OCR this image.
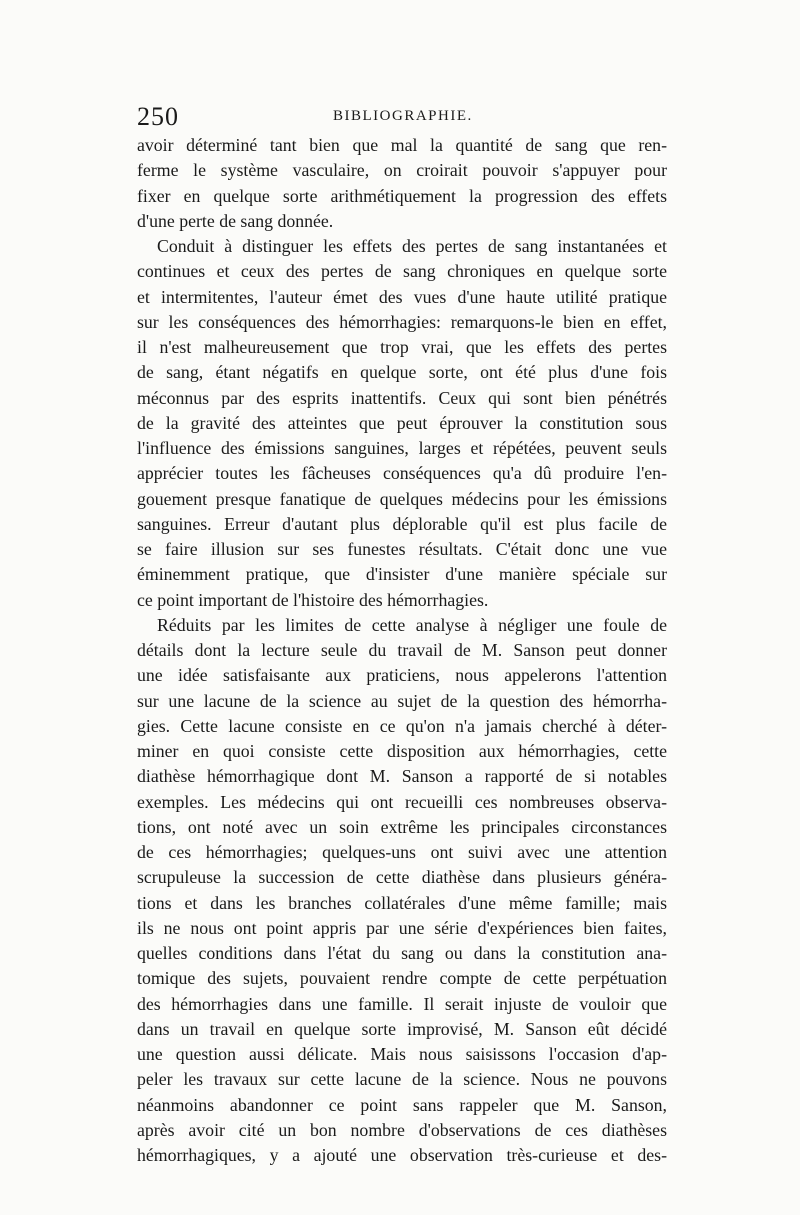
250	BIBLIOGRAPHIE.
avoir déterminé tant bien que mal la quantité de sang que ren-
ferme le système vasculaire, on croirait pouvoir s'appuyer pour
fixer en quelque sorte arithmétiquement la progression des effets
d'une perte de sang donnée.
Conduit à distinguer les effets des pertes de sang instantanées et
continues et ceux des pertes de sang chroniques en quelque sorte
et intermitentes, l'auteur émet des vues d'une haute utilité pratique
sur les conséquences des hémorrhagies: remarquons-le bien en effet,
il n'est malheureusement que trop vrai, que les effets des pertes
de sang, étant négatifs en quelque sorte, ont été plus d'une fois
méconnus par des esprits inattentifs. Ceux qui sont bien pénétrés
de la gravité des atteintes que peut éprouver la constitution sous
l'influence des émissions sanguines, larges et répétées, peuvent seuls
apprécier toutes les fâcheuses conséquences qu'a dû produire l'en-
gouement presque fanatique de quelques médecins pour les émissions
sanguines. Erreur d'autant plus déplorable qu'il est plus facile de
se faire illusion sur ses funestes résultats. C'était donc une vue
éminemment pratique, que d'insister d'une manière spéciale sur
ce point important de l'histoire des hémorrhagies.
Réduits par les limites de cette analyse à négliger une foule de
détails dont la lecture seule du travail de M. Sanson peut donner
une idée satisfaisante aux praticiens, nous appelerons l'attention
sur une lacune de la science au sujet de la question des hémorrha-
gies. Cette lacune consiste en ce qu'on n'a jamais cherché à déter-
miner en quoi consiste cette disposition aux hémorrhagies, cette
diathèse hémorrhagique dont M. Sanson a rapporté de si notables
exemples. Les médecins qui ont recueilli ces nombreuses observa-
tions, ont noté avec un soin extrême les principales circonstances
de ces hémorrhagies; quelques-uns ont suivi avec une attention
scrupuleuse la succession de cette diathèse dans plusieurs généra-
tions et dans les branches collatérales d'une même famille; mais
ils ne nous ont point appris par une série d'expériences bien faites,
quelles conditions dans l'état du sang ou dans la constitution ana-
tomique des sujets, pouvaient rendre compte de cette perpétuation
des hémorrhagies dans une famille. Il serait injuste de vouloir que
dans un travail en quelque sorte improvisé, M. Sanson eût décidé
une question aussi délicate. Mais nous saisissons l'occasion d'ap-
peler les travaux sur cette lacune de la science. Nous ne pouvons
néanmoins abandonner ce point sans rappeler que M. Sanson,
après avoir cité un bon nombre d'observations de ces diathèses
hémorrhagiques, y a ajouté une observation très-curieuse et des-
